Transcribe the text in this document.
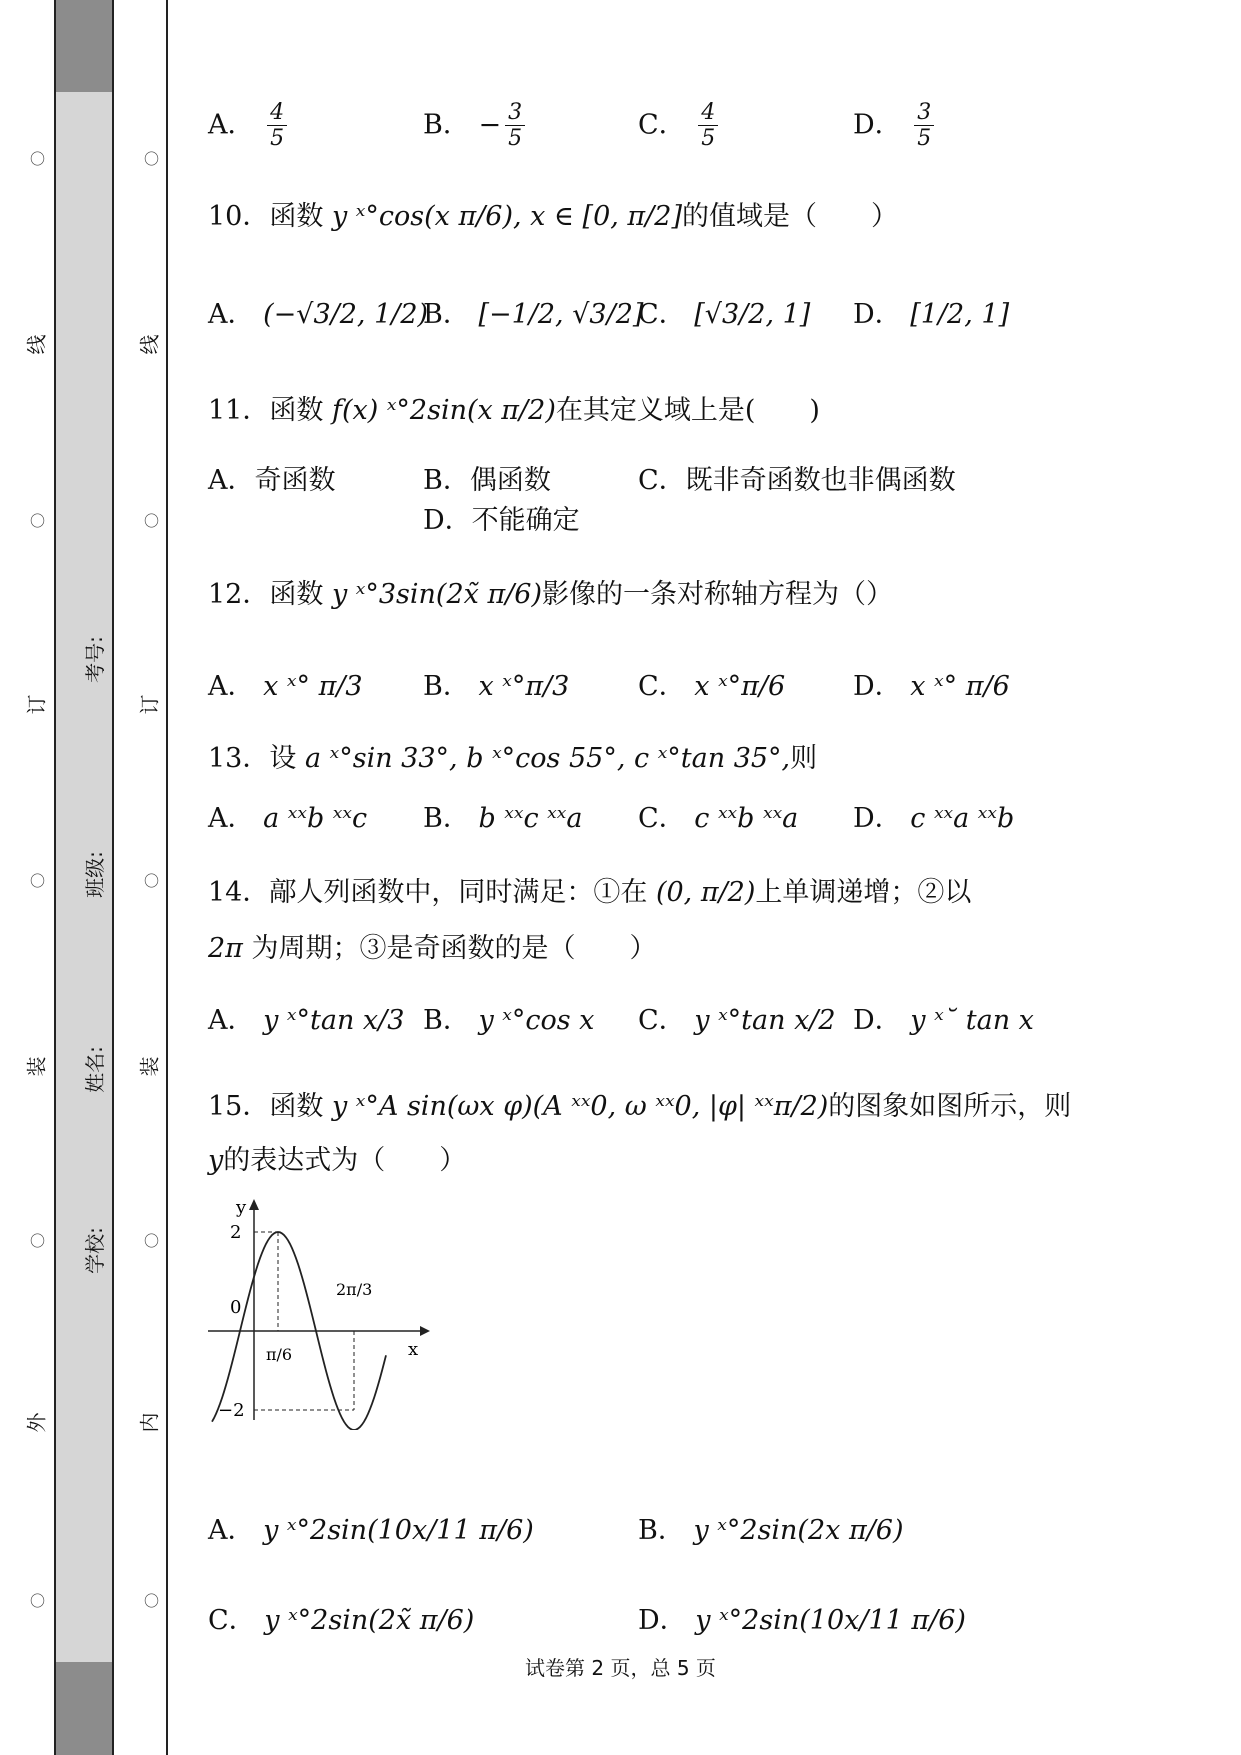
〇
〇
〇
〇
〇
外
装
订
线
学校:
姓名:
班级:
考号:
〇
〇
〇
〇
〇
内
装
订
线
A． $\frac{4}{5}$	B． − $\frac{3}{5}$	C． $\frac{4}{5}$	D． $\frac{3}{5}$
10．函数 y ˣ°cos(x π/6), x ∈ [0, π/2]的值域是（　　）
A． (−√3/2, 1/2)
B． [−1/2, √3/2]
C． [√3/2, 1] D． [1/2, 1]
11．函数 f(x) ˣ°2sin(x π/2)在其定义域上是(　　)
A．奇函数	B．偶函数	C．既非奇函数也非偶函数
D．不能确定
12．函数 y ˣ°3sin(2x̃ π/6)影像的一条对称轴方程为（）
A． x ˣ° π/3 B． x ˣ°π/3	C． x ˣ°π/6	D． x ˣ° π/6
13．设 a ˣ°sin 33°, b ˣ°cos 55°, c ˣ°tan 35°,则
A． a ˣˣb ˣˣc B． b ˣˣc ˣˣa C． c ˣˣb ˣˣa D． c ˣˣa ˣˣb
14．鄗人列函数中，同时满足：①在 (0, π/2)上单调递增；②以
2π 为周期；③是奇函数的是（　　）
A． y ˣ°tan x/3 B． y ˣ°cos x C． y ˣ°tan x/2 D． y ˣ˘ tan x
15．函数 y ˣ°A sin(ωx φ)(A ˣˣ0, ω ˣˣ0, |φ| ˣˣπ/2)的图象如图所示，则
y的表达式为（　　）
y
x
2
0
−2
π/6
2π/3
A． y ˣ°2sin(10x/11 π/6)	B． y ˣ°2sin(2x π/6)
C． y ˣ°2sin(2x̃ π/6)	D． y ˣ°2sin(10x/11 π/6)
试卷第 2 页，总 5 页
